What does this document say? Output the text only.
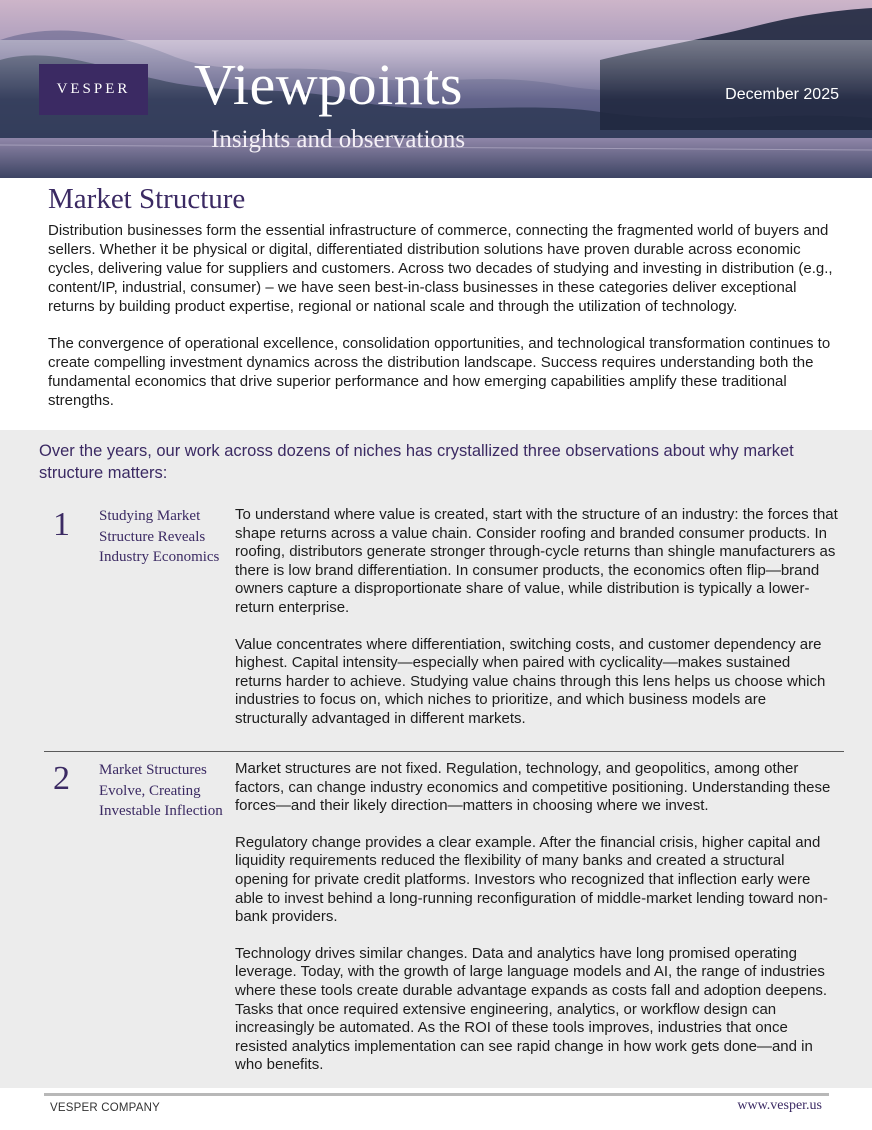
VESPER Viewpoints
Insights and observations
December 2025
Market Structure

Distribution businesses form the essential infrastructure of commerce, connecting the fragmented world of buyers and sellers. Whether it be physical or digital, differentiated distribution solutions have proven durable across economic cycles, delivering value for suppliers and customers. Across two decades of studying and investing in distribution (e.g., content/IP, industrial, consumer) – we have seen best-in-class businesses in these categories deliver exceptional returns by building product expertise, regional or national scale and through the utilization of technology.

The convergence of operational excellence, consolidation opportunities, and technological transformation continues to create compelling investment dynamics across the distribution landscape. Success requires understanding both the fundamental economics that drive superior performance and how emerging capabilities amplify these traditional strengths.

Over the years, our work across dozens of niches has crystallized three observations about why market structure matters:
1 Studying Market Structure Reveals Industry Economics

To understand where value is created, start with the structure of an industry: the forces that shape returns across a value chain. Consider roofing and branded consumer products. In roofing, distributors generate stronger through-cycle returns than shingle manufacturers as there is low brand differentiation. In consumer products, the economics often flip—brand owners capture a disproportionate share of value, while distribution is typically a lower-return enterprise.

Value concentrates where differentiation, switching costs, and customer dependency are highest. Capital intensity—especially when paired with cyclicality—makes sustained returns harder to achieve. Studying value chains through this lens helps us choose which industries to focus on, which niches to prioritize, and which business models are structurally advantaged in different markets.

2 Market Structures Evolve, Creating Investable Inflection

Market structures are not fixed. Regulation, technology, and geopolitics, among other factors, can change industry economics and competitive positioning. Understanding these forces—and their likely direction—matters in choosing where we invest.

Regulatory change provides a clear example. After the financial crisis, higher capital and liquidity requirements reduced the flexibility of many banks and created a structural opening for private credit platforms. Investors who recognized that inflection early were able to invest behind a long-running reconfiguration of middle-market lending toward non-bank providers.

Technology drives similar changes. Data and analytics have long promised operating leverage. Today, with the growth of large language models and AI, the range of industries where these tools create durable advantage expands as costs fall and adoption deepens. Tasks that once required extensive engineering, analytics, or workflow design can increasingly be automated. As the ROI of these tools improves, industries that once resisted analytics implementation can see rapid change in how work gets done—and in who benefits.

VESPER COMPANY	www.vesper.us
